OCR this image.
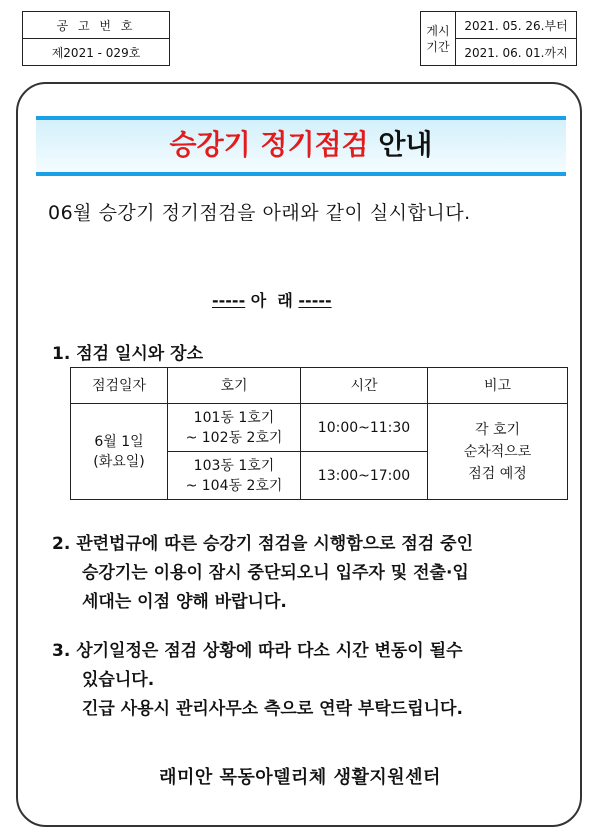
공 고 번 호
제2021 - 029호
게시
기간	2021. 05. 26.부터
2021. 06. 01.까지
승강기 정기점검 안내
06월 승강기 정기점검을 아래와 같이 실시합니다.
----- 아  래 -----
1. 점검 일시와 장소
점검일자	호기	시간	비고
6월 1일
(화요일)	101동 1호기
~ 102동 2호기	10:00~11:30	각 호기
순차적으로
점검 예정
	103동 1호기
~ 104동 2호기	13:00~17:00	
2. 관련법규에 따른 승강기 점검을 시행함으로 점검 중인
승강기는 이용이 잠시 중단되오니 입주자 및 전출·입
세대는 이점 양해 바랍니다.
3. 상기일정은 점검 상황에 따라 다소 시간 변동이 될수
있습니다.
긴급 사용시 관리사무소 측으로 연락 부탁드립니다.
래미안 목동아델리체 생활지원센터
